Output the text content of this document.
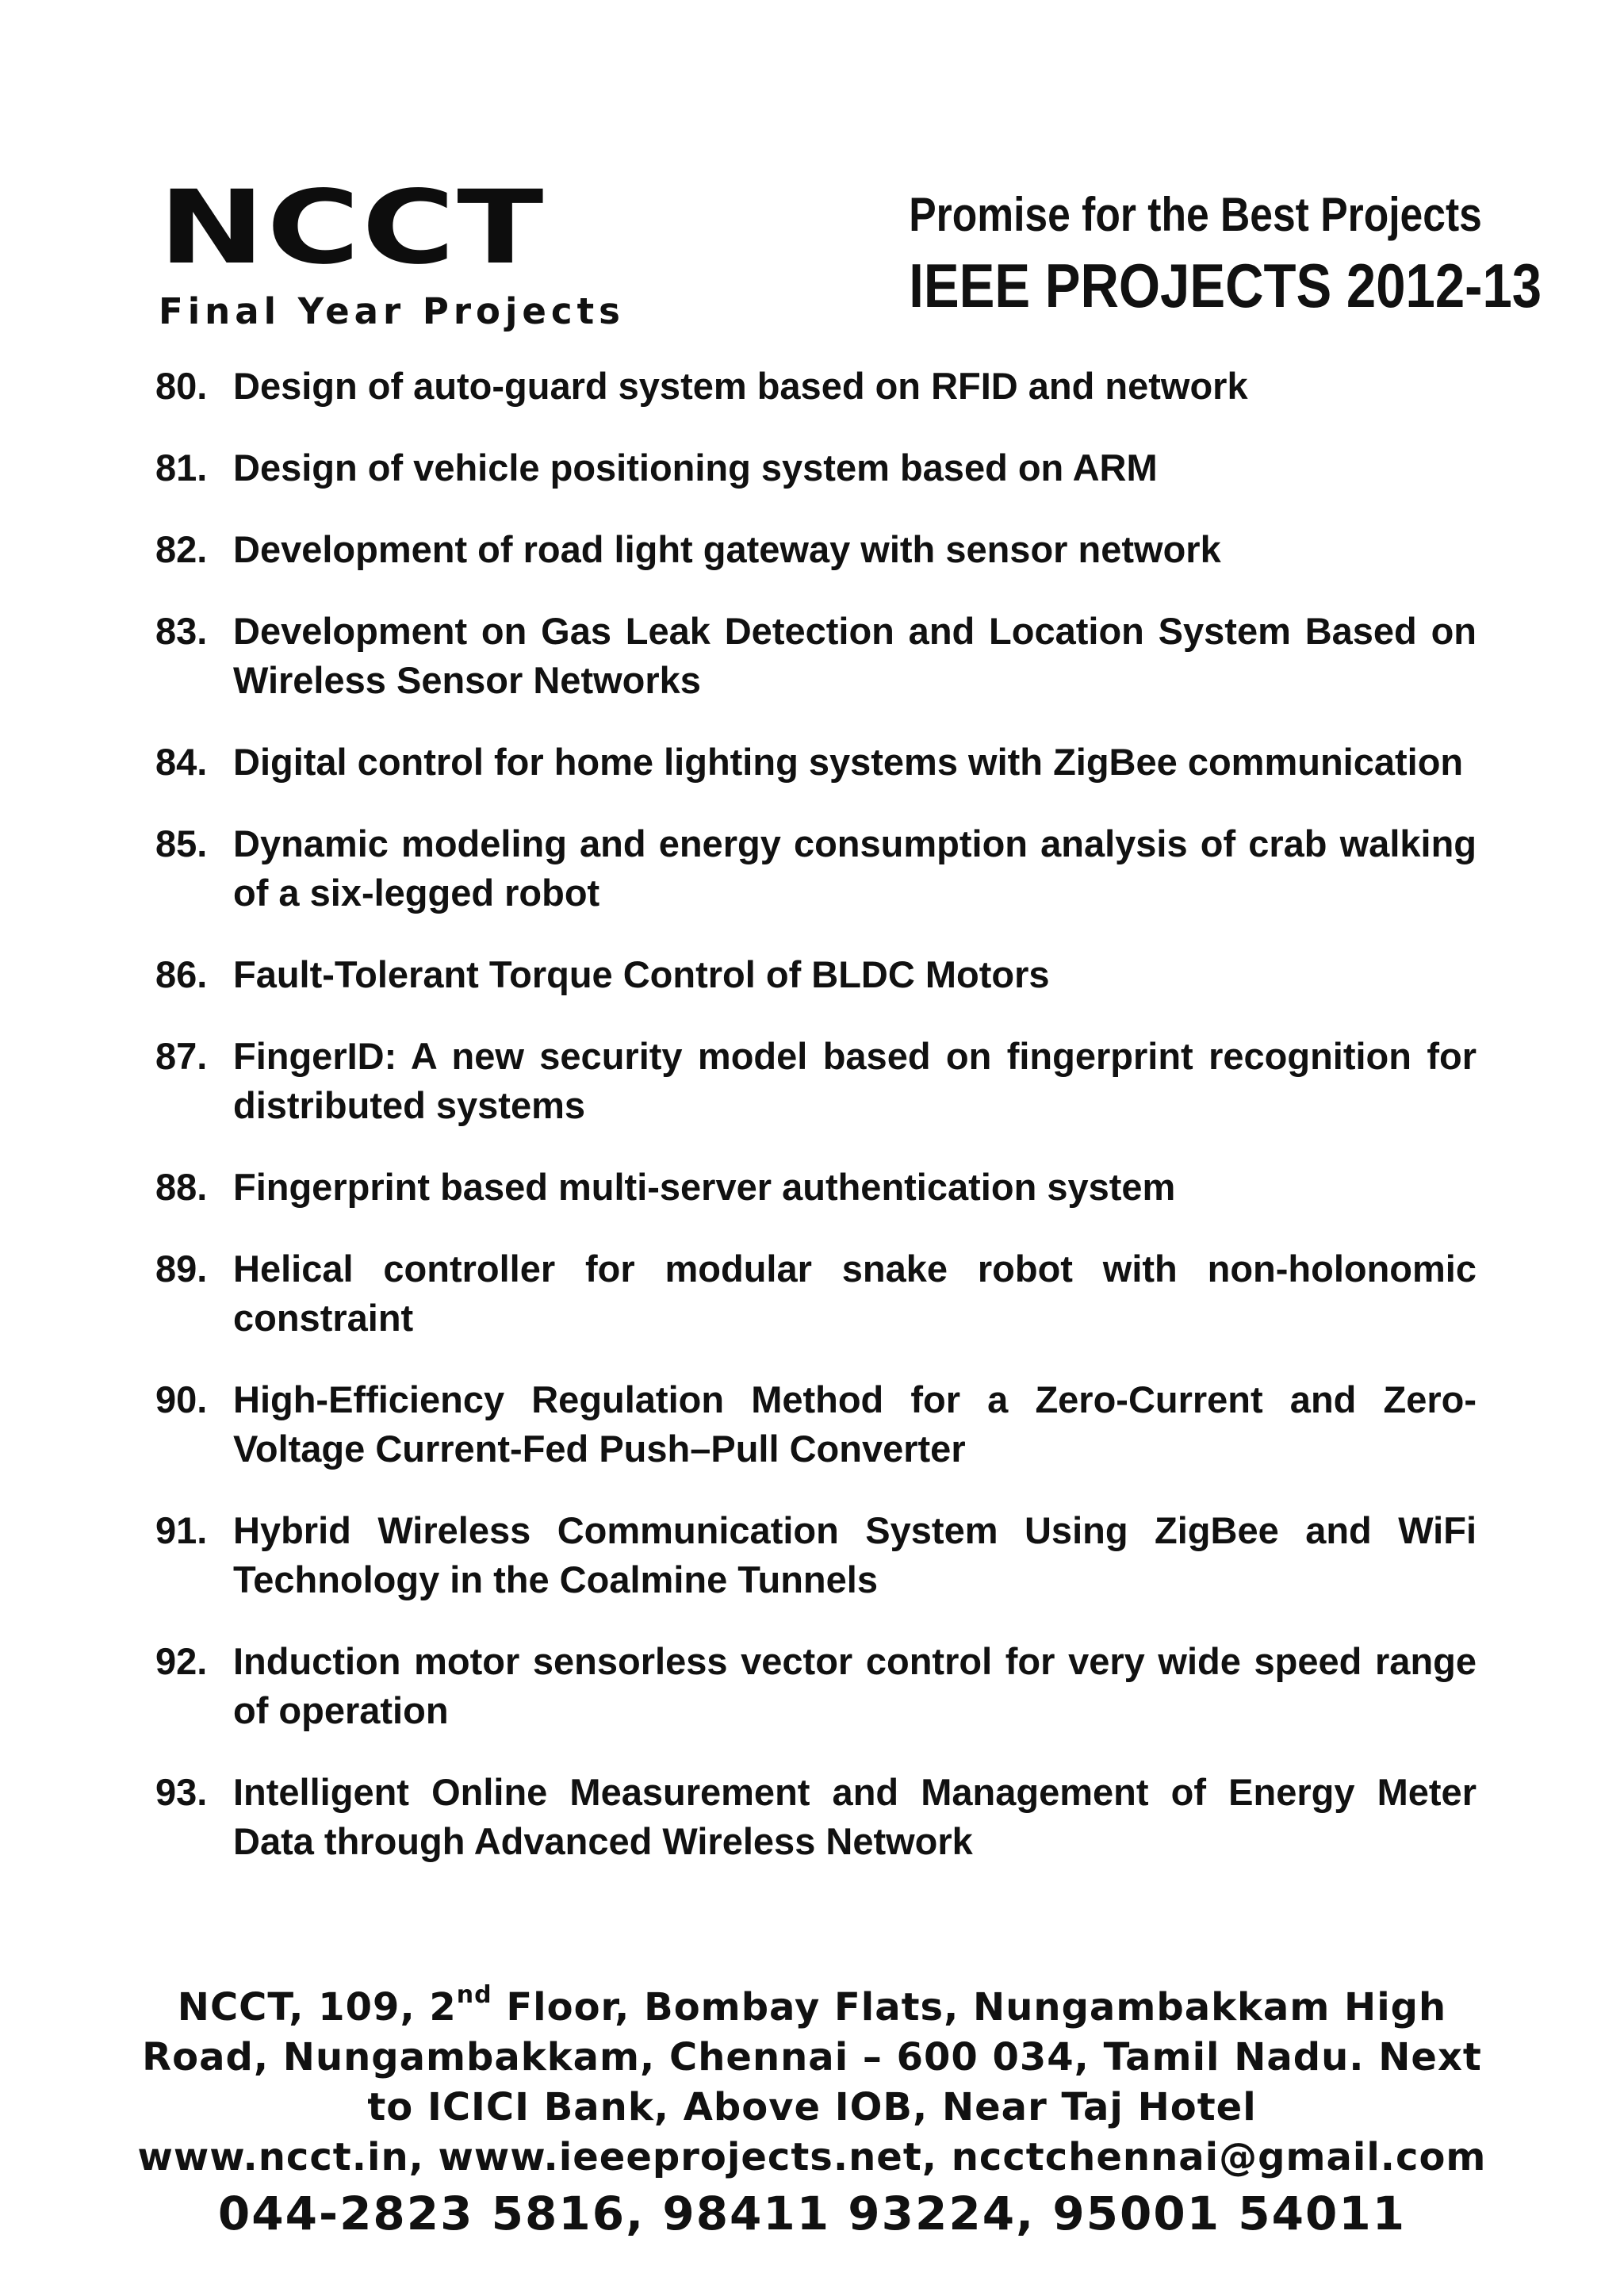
NCCT
Final Year Projects
Promise for the Best Projects
IEEE PROJECTS 2012-13
80. Design of auto-guard system based on RFID and network
81. Design of vehicle positioning system based on ARM
82. Development of road light gateway with sensor network
83. Development on Gas Leak Detection and Location System Based on Wireless Sensor Networks
84. Digital control for home lighting systems with ZigBee communication
85. Dynamic modeling and energy consumption analysis of crab walking of a six-legged robot
86. Fault-Tolerant Torque Control of BLDC Motors
87. FingerID: A new security model based on fingerprint recognition for distributed systems
88. Fingerprint based multi-server authentication system
89. Helical controller for modular snake robot with non-holonomic constraint
90. High-Efficiency Regulation Method for a Zero-Current and Zero-Voltage Current-Fed Push–Pull Converter
91. Hybrid Wireless Communication System Using ZigBee and WiFi Technology in the Coalmine Tunnels
92. Induction motor sensorless vector control for very wide speed range of operation
93. Intelligent Online Measurement and Management of Energy Meter Data through Advanced Wireless Network
NCCT, 109, 2nd Floor, Bombay Flats, Nungambakkam High
Road, Nungambakkam, Chennai – 600 034, Tamil Nadu. Next
to ICICI Bank, Above IOB, Near Taj Hotel
www.ncct.in, www.ieeeprojects.net, ncctchennai@gmail.com
044-2823 5816, 98411 93224, 95001 54011
